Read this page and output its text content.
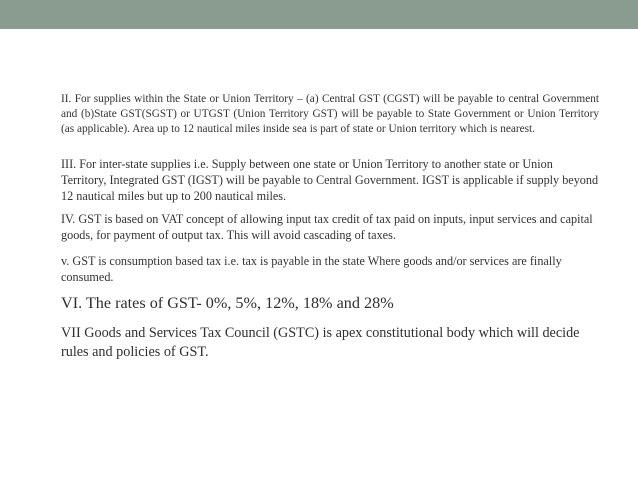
II. For supplies within the State or Union Territory – (a) Central GST (CGST) will be payable to central Government and (b)State GST(SGST) or UTGST (Union Territory GST) will be payable to State Government or Union Territory (as applicable). Area up to 12 nautical miles inside sea is part of state or Union territory which is nearest.

III. For inter-state supplies i.e. Supply between one state or Union Territory to another state or Union Territory, Integrated GST (IGST) will be payable to Central Government. IGST is applicable if supply beyond 12 nautical miles but up to 200 nautical miles.

IV. GST is based on VAT concept of allowing input tax credit of tax paid on inputs, input services and capital goods, for payment of output tax. This will avoid cascading of taxes.

v. GST is consumption based tax i.e. tax is payable in the state Where goods and/or services are finally consumed.

VI. The rates of GST- 0%, 5%, 12%, 18% and 28%

VII Goods and Services Tax Council (GSTC) is apex constitutional body which will decide rules and policies of GST.
